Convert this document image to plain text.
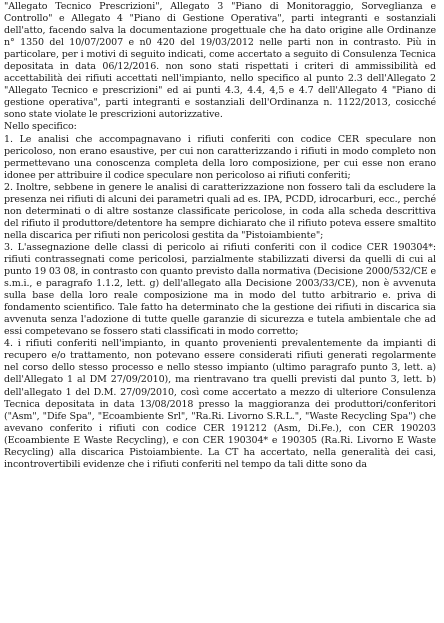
"Allegato Tecnico Prescrizioni", Allegato 3 "Piano di Monitoraggio, Sorveglianza e Controllo" e Allegato 4 "Piano di Gestione Operativa", parti integranti e sostanziali dell'atto, facendo salva la documentazione progettuale che ha dato origine alle Ordinanze n° 1350 del 10/07/2007 e n0 420 del 19/03/2012 nelle parti non in contrasto. Più in particolare, per i motivi di seguito indicati, come accertato a seguito di Consulenza Tecnica depositata in data 06/12/2016. non sono stati rispettati i criteri di ammissibilità ed accettabilità dei rifiuti accettati nell'impianto, nello specifico al punto 2.3 dell'Allegato 2 "Allegato Tecnico e prescrizioni" ed ai punti 4.3, 4.4, 4,5 e 4.7 dell'Allegato 4 "Piano di gestione operativa", parti integranti e sostanziali dell'Ordinanza n. 1122/2013, cosicché sono state violate le prescrizioni autorizzative.

Nello specifico:

1. Le analisi che accompagnavano i rifiuti conferiti con codice CER speculare non pericoloso, non erano esaustive, per cui non caratterizzando i rifiuti in modo completo non permettevano una conoscenza completa della loro composizione, per cui esse non erano idonee per attribuire il codice speculare non pericoloso ai rifiuti conferiti;

2. Inoltre, sebbene in genere le analisi di caratterizzazione non fossero tali da escludere la presenza nei rifiuti di alcuni dei parametri quali ad es. IPA, PCDD, idrocarburi, ecc., perché non determinati o di altre sostanze classificate pericolose, in coda alla scheda descrittiva del rifiuto il produttore/detentore ha sempre dichiarato che il rifiuto poteva essere smaltito nella discarica per rifiuti non pericolosi gestita da "Pistoiambiente";

3. L'assegnazione delle classi di pericolo ai rifiuti conferiti con il codice CER 190304*: rifiuti contrassegnati come pericolosi, parzialmente stabilizzati diversi da quelli di cui al punto 19 03 08, in contrasto con quanto previsto dalla normativa (Decisione 2000/532/CE e s.m.i., e paragrafo 1.1.2, lett. g) dell'allegato alla Decisione 2003/33/CE), non è avvenuta sulla base della loro reale composizione ma in modo del tutto arbitrario e. priva di fondamento scientifico. Tale fatto ha determinato che la gestione dei rifiuti in discarica sia avvenuta senza l'adozione di tutte quelle garanzie di sicurezza e tutela ambientale che ad essi competevano se fossero stati classificati in modo corretto;

4. i rifiuti conferiti nell'impianto, in quanto provenienti prevalentemente da impianti di recupero e/o trattamento, non potevano essere considerati rifiuti generati regolarmente nel corso dello stesso processo e nello stesso impianto (ultimo paragrafo punto 3, lett. a) dell'Allegato 1 al DM 27/09/2010), ma rientravano tra quelli previsti dal punto 3, lett. b) dell'allegato 1 del D.M. 27/09/2010, così come accertato a mezzo di ulteriore Consulenza Tecnica depositata in data 13/08/2018 presso la maggioranza dei produttori/conferitori ("Asm", "Dife Spa", "Ecoambiente Srl", "Ra.Ri. Livorno S.R.L.", "Waste Recycling Spa") che avevano conferito i rifiuti con codice CER 191212 (Asm, Di.Fe.), con CER 190203 (Ecoambiente E Waste Recycling), e con CER 190304* e 190305 (Ra.Ri. Livorno E Waste Recycling) alla discarica Pistoiambiente. La CT ha accertato, nella generalità dei casi, incontrovertibili evidenze che i rifiuti conferiti nel tempo da tali ditte sono da
